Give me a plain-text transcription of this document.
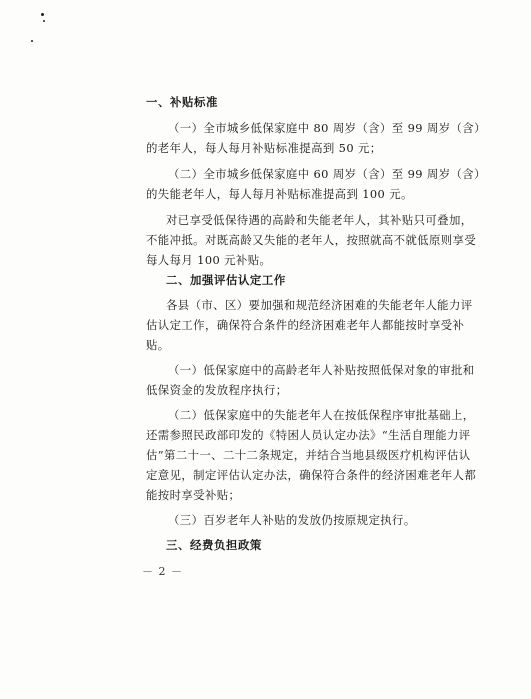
一、补贴标准

（一）全市城乡低保家庭中 80 周岁（含）至 99 周岁（含）

的老年人，每人每月补贴标准提高到 50 元；

（二）全市城乡低保家庭中 60 周岁（含）至 99 周岁（含）

的失能老年人，每人每月补贴标准提高到 100 元。

对已享受低保待遇的高龄和失能老年人，其补贴只可叠加，

不能冲抵。对既高龄又失能的老年人，按照就高不就低原则享受

每人每月 100 元补贴。

二、加强评估认定工作

各县（市、区）要加强和规范经济困难的失能老年人能力评

估认定工作，确保符合条件的经济困难老年人都能按时享受补

贴。

（一）低保家庭中的高龄老年人补贴按照低保对象的审批和

低保资金的发放程序执行；

（二）低保家庭中的失能老年人在按低保程序审批基础上，

还需参照民政部印发的《特困人员认定办法》“生活自理能力评

估”第二十一、二十二条规定，并结合当地县级医疗机构评估认

定意见，制定评估认定办法，确保符合条件的经济困难老年人都

能按时享受补贴；

（三）百岁老年人补贴的发放仍按原规定执行。

三、经费负担政策

－ 2 －
